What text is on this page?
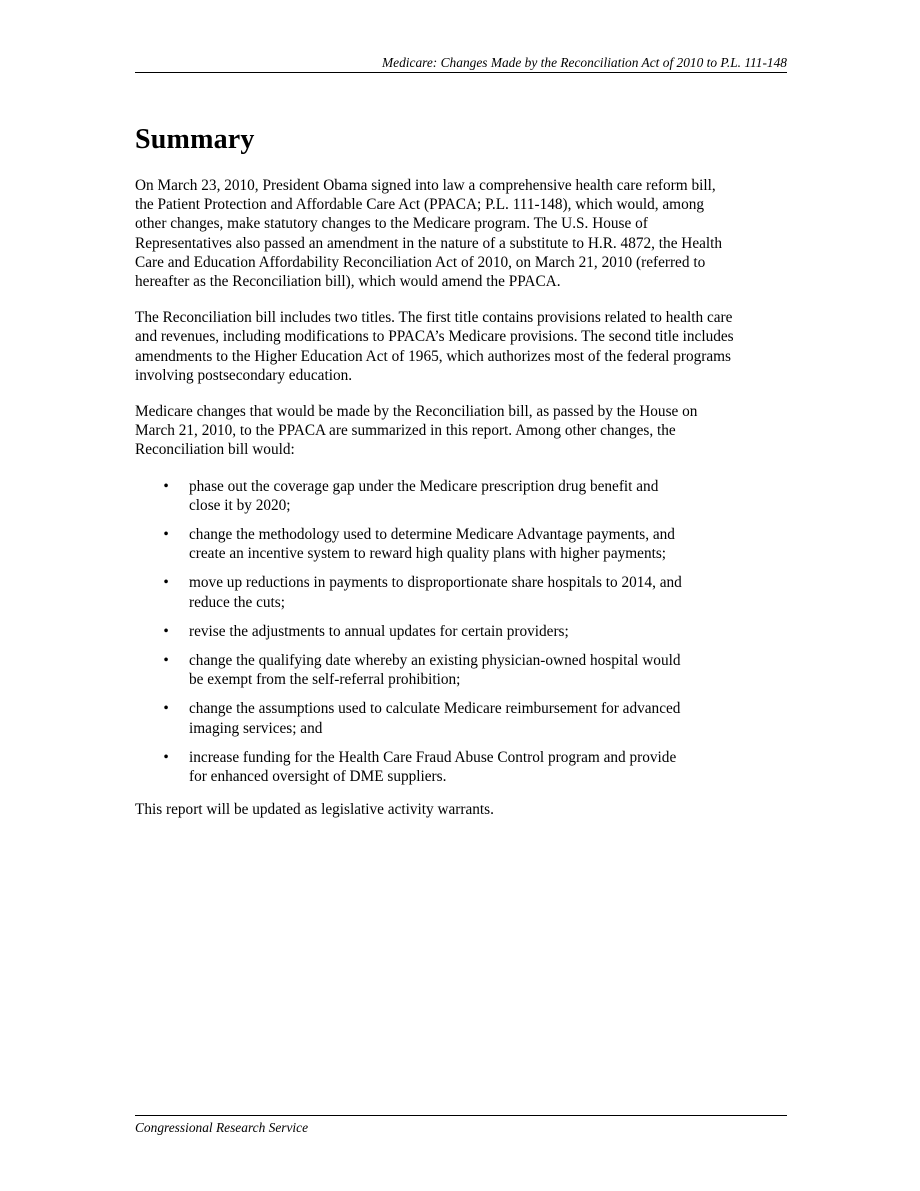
Medicare: Changes Made by the Reconciliation Act of 2010 to P.L. 111-148
Summary

On March 23, 2010, President Obama signed into law a comprehensive health care reform bill,
the Patient Protection and Affordable Care Act (PPACA; P.L. 111-148), which would, among
other changes, make statutory changes to the Medicare program. The U.S. House of
Representatives also passed an amendment in the nature of a substitute to H.R. 4872, the Health
Care and Education Affordability Reconciliation Act of 2010, on March 21, 2010 (referred to
hereafter as the Reconciliation bill), which would amend the PPACA.

The Reconciliation bill includes two titles. The first title contains provisions related to health care
and revenues, including modifications to PPACA’s Medicare provisions. The second title includes
amendments to the Higher Education Act of 1965, which authorizes most of the federal programs
involving postsecondary education.

Medicare changes that would be made by the Reconciliation bill, as passed by the House on
March 21, 2010, to the PPACA are summarized in this report. Among other changes, the
Reconciliation bill would:

• phase out the coverage gap under the Medicare prescription drug benefit and
close it by 2020;
• change the methodology used to determine Medicare Advantage payments, and
create an incentive system to reward high quality plans with higher payments;
• move up reductions in payments to disproportionate share hospitals to 2014, and
reduce the cuts;
• revise the adjustments to annual updates for certain providers;
• change the qualifying date whereby an existing physician-owned hospital would
be exempt from the self-referral prohibition;
• change the assumptions used to calculate Medicare reimbursement for advanced
imaging services; and
• increase funding for the Health Care Fraud Abuse Control program and provide
for enhanced oversight of DME suppliers.

This report will be updated as legislative activity warrants.

Congressional Research Service
